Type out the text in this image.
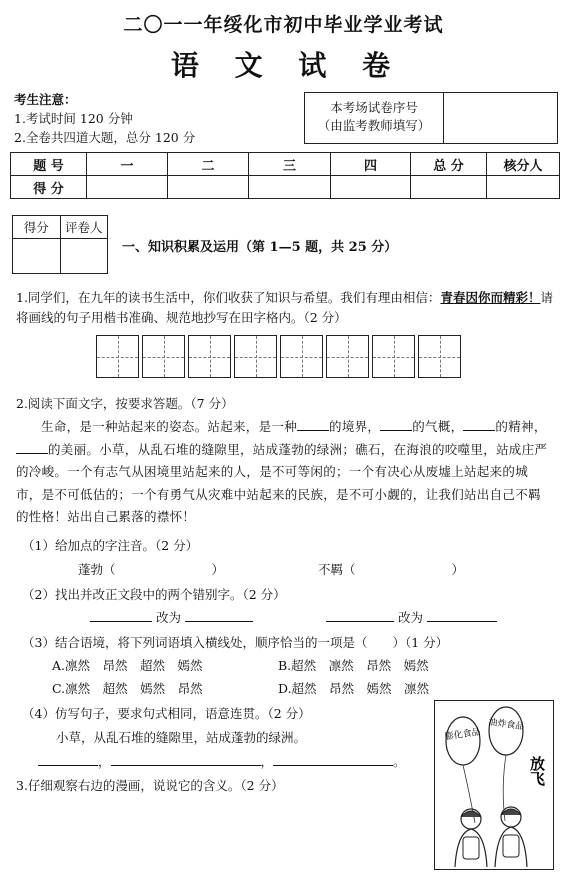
二〇一一年绥化市初中毕业学业考试
语 文 试 卷
考生注意：
1.考试时间 120 分钟
2.全卷共四道大题，总分 120 分
本考场试卷序号
（由监考教师填写）
题 号	一	二	三	四	总 分	核分人
得 分						
得分	评卷人

一、知识积累及运用（第 1—5 题，共 25 分）
1.同学们，在九年的读书生活中，你们收获了知识与希望。我们有理由相信：青春因你而精彩！请将画线的句子用楷书准确、规范地抄写在田字格内。（2 分）
2.阅读下面文字，按要求答题。（7 分）
生命，是一种站起来的姿态。站起来，是一种	的境界，	的气概，	的精神，的美丽。小草，从乱石堆的缝隙里，站成蓬勃的绿洲；礁石，在海浪的咬噬里，站成庄严的冷峻。一个有志气从困境里站起来的人，是不可等闲的；一个有决心从废墟上站起来的城市，是不可低估的；一个有勇气从灾难中站起来的民族，是不可小觑的，让我们站出自己不羁的性格！站出自己累落的襟怀！
（1）给加点的字注音。（2 分）
蓬勃（	）	不羁（	）
（2）找出并改正文段中的两个错别字。（2 分）
改为	改为
（3）结合语境，将下列词语填入横线处，顺序恰当的一项是（　　）（1 分）
A.凛然　昂然　超然　嫣然	B.超然　凛然　昂然　嫣然
C.凛然　超然　嫣然　昂然	D.超然　昂然　嫣然　凛然
（4）仿写句子，要求句式相同，语意连贯。（2 分）
小草，从乱石堆的缝隙里，站成蓬勃的绿洲。
，	，	。
3.仔细观察右边的漫画，说说它的含义。（2 分）
膨化食品
油炸食品
放飞
